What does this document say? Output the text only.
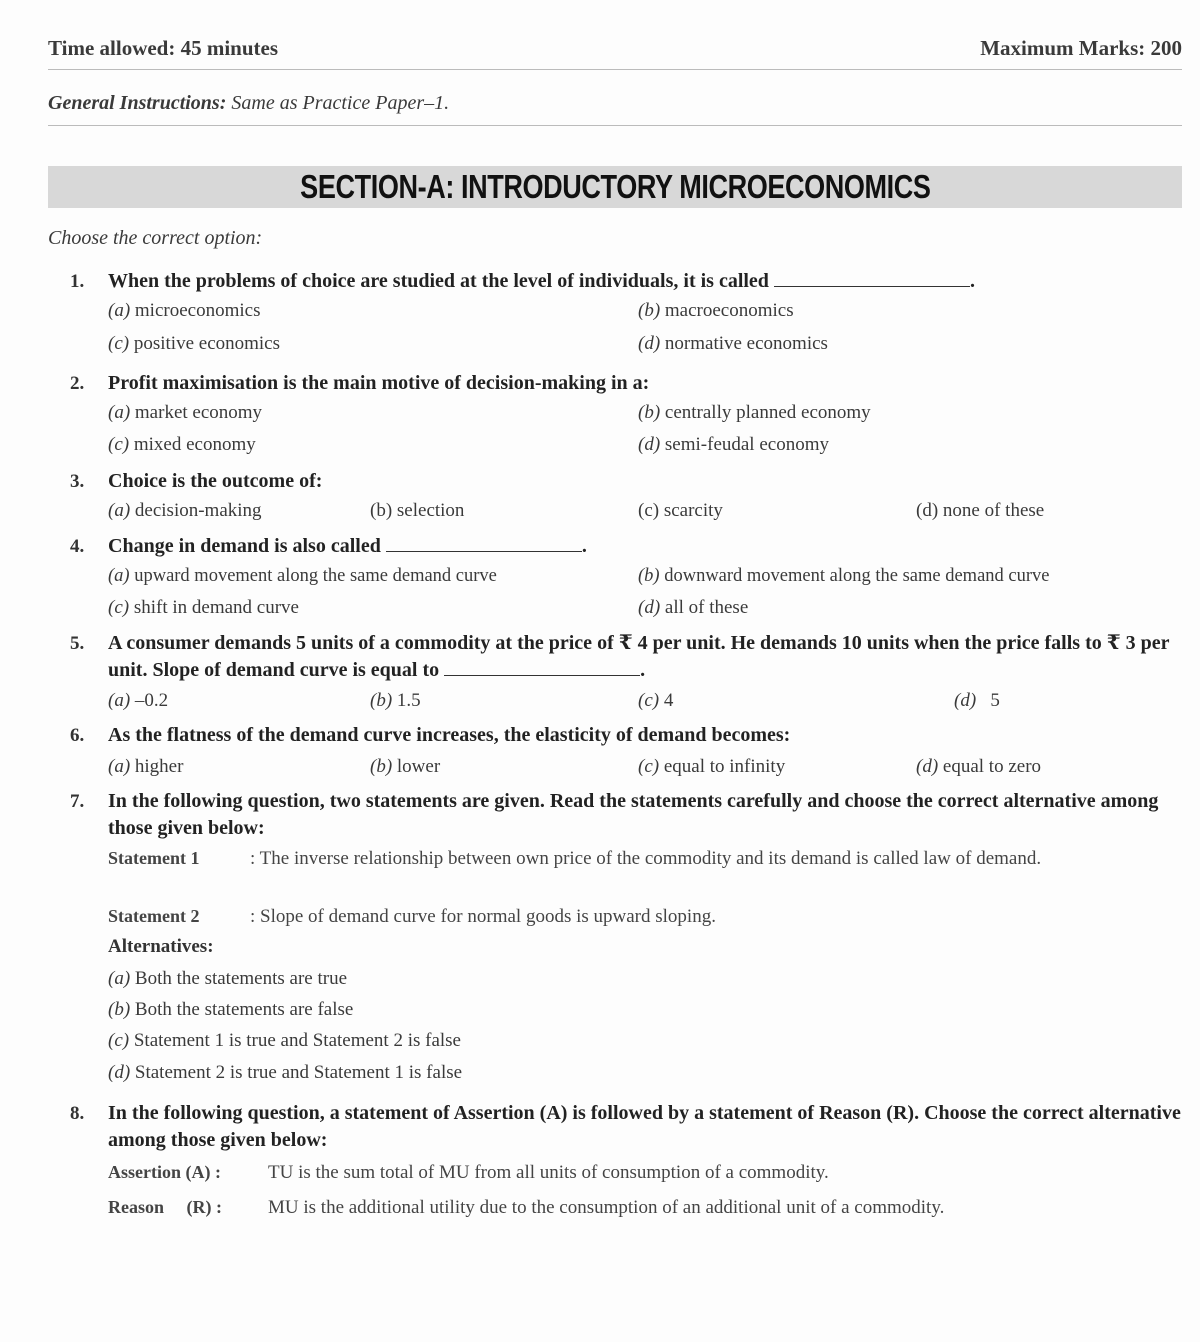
Time allowed: 45 minutes	Maximum Marks: 200
General Instructions: Same as Practice Paper–1.
SECTION-A: INTRODUCTORY MICROECONOMICS
Choose the correct option:
1. When the problems of choice are studied at the level of individuals, it is called	.
(a) microeconomics	(b) macroeconomics
(c) positive economics	(d) normative economics
2. Profit maximisation is the main motive of decision-making in a:
(a) market economy	(b) centrally planned economy
(c) mixed economy	(d) semi-feudal economy
3. Choice is the outcome of:
(a) decision-making	(b) selection	(c) scarcity	(d) none of these
4. Change in demand is also called	.
(a) upward movement along the same demand curve	(b) downward movement along the same demand curve
(c) shift in demand curve	(d) all of these
5. A consumer demands 5 units of a commodity at the price of ₹ 4 per unit. He demands 10 units when the price falls to ₹ 3 per unit. Slope of demand curve is equal to	.
(a) –0.2	(b) 1.5	(c) 4	(d) 5
6. As the flatness of the demand curve increases, the elasticity of demand becomes:
(a) higher	(b) lower	(c) equal to infinity	(d) equal to zero
7. In the following question, two statements are given. Read the statements carefully and choose the correct alternative among those given below:
Statement 1	: The inverse relationship between own price of the commodity and its demand is called law of demand.
Statement 2	: Slope of demand curve for normal goods is upward sloping.
Alternatives:
(a) Both the statements are true
(b) Both the statements are false
(c) Statement 1 is true and Statement 2 is false
(d) Statement 2 is true and Statement 1 is false
8. In the following question, a statement of Assertion (A) is followed by a statement of Reason (R). Choose the correct alternative among those given below:
Assertion (A) : TU is the sum total of MU from all units of consumption of a commodity.
Reason     (R) : MU is the additional utility due to the consumption of an additional unit of a commodity.
